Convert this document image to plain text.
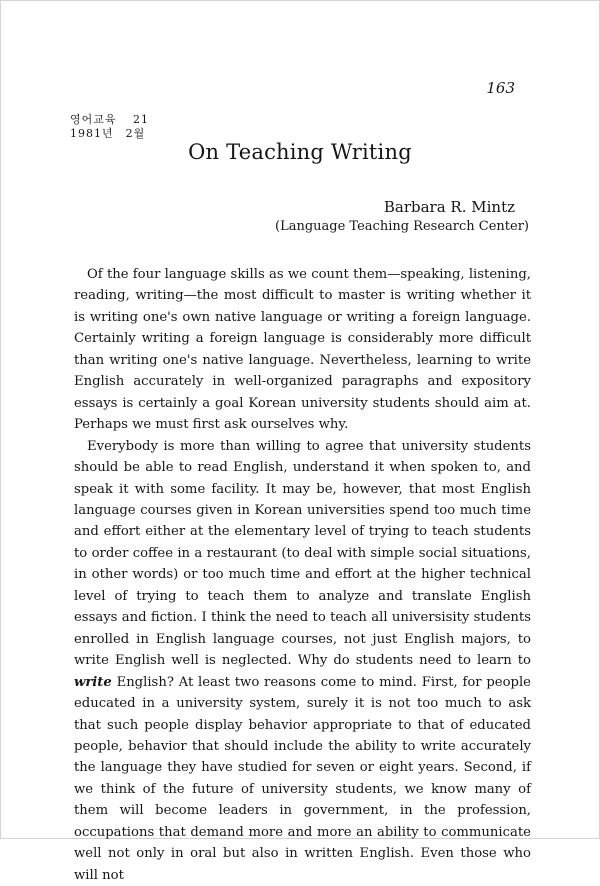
163
영어교육　 21
1981년　2월
On Teaching Writing
Barbara R. Mintz
(Language Teaching Research Center)

Of the four language skills as we count them—speaking, listening, reading, writing—the most difficult to master is writing whether it is writing one's own native language or writing a foreign language. Certainly writing a foreign language is considerably more difficult than writing one's native language. Nevertheless, learning to write English accurately in well-organized paragraphs and expository essays is certainly a goal Korean university students should aim at. Perhaps we must first ask ourselves why.

Everybody is more than willing to agree that university students should be able to read English, understand it when spoken to, and speak it with some facility. It may be, however, that most English language courses given in Korean universities spend too much time and effort either at the elementary level of trying to teach students to order coffee in a restaurant (to deal with simple social situations, in other words) or too much time and effort at the higher technical level of trying to teach them to analyze and translate English essays and fiction. I think the need to teach all universisity students enrolled in English language courses, not just English majors, to write English well is neglected. Why do students need to learn to write English? At least two reasons come to mind. First, for people educated in a university system, surely it is not too much to ask that such people display behavior appropriate to that of educated people, behavior that should include the ability to write accurately the language they have studied for seven or eight years. Second, if we think of the future of university students, we know many of them will become leaders in government, in the profession, occupations that demand more and more an ability to communicate well not only in oral but also in written English. Even those who will not
